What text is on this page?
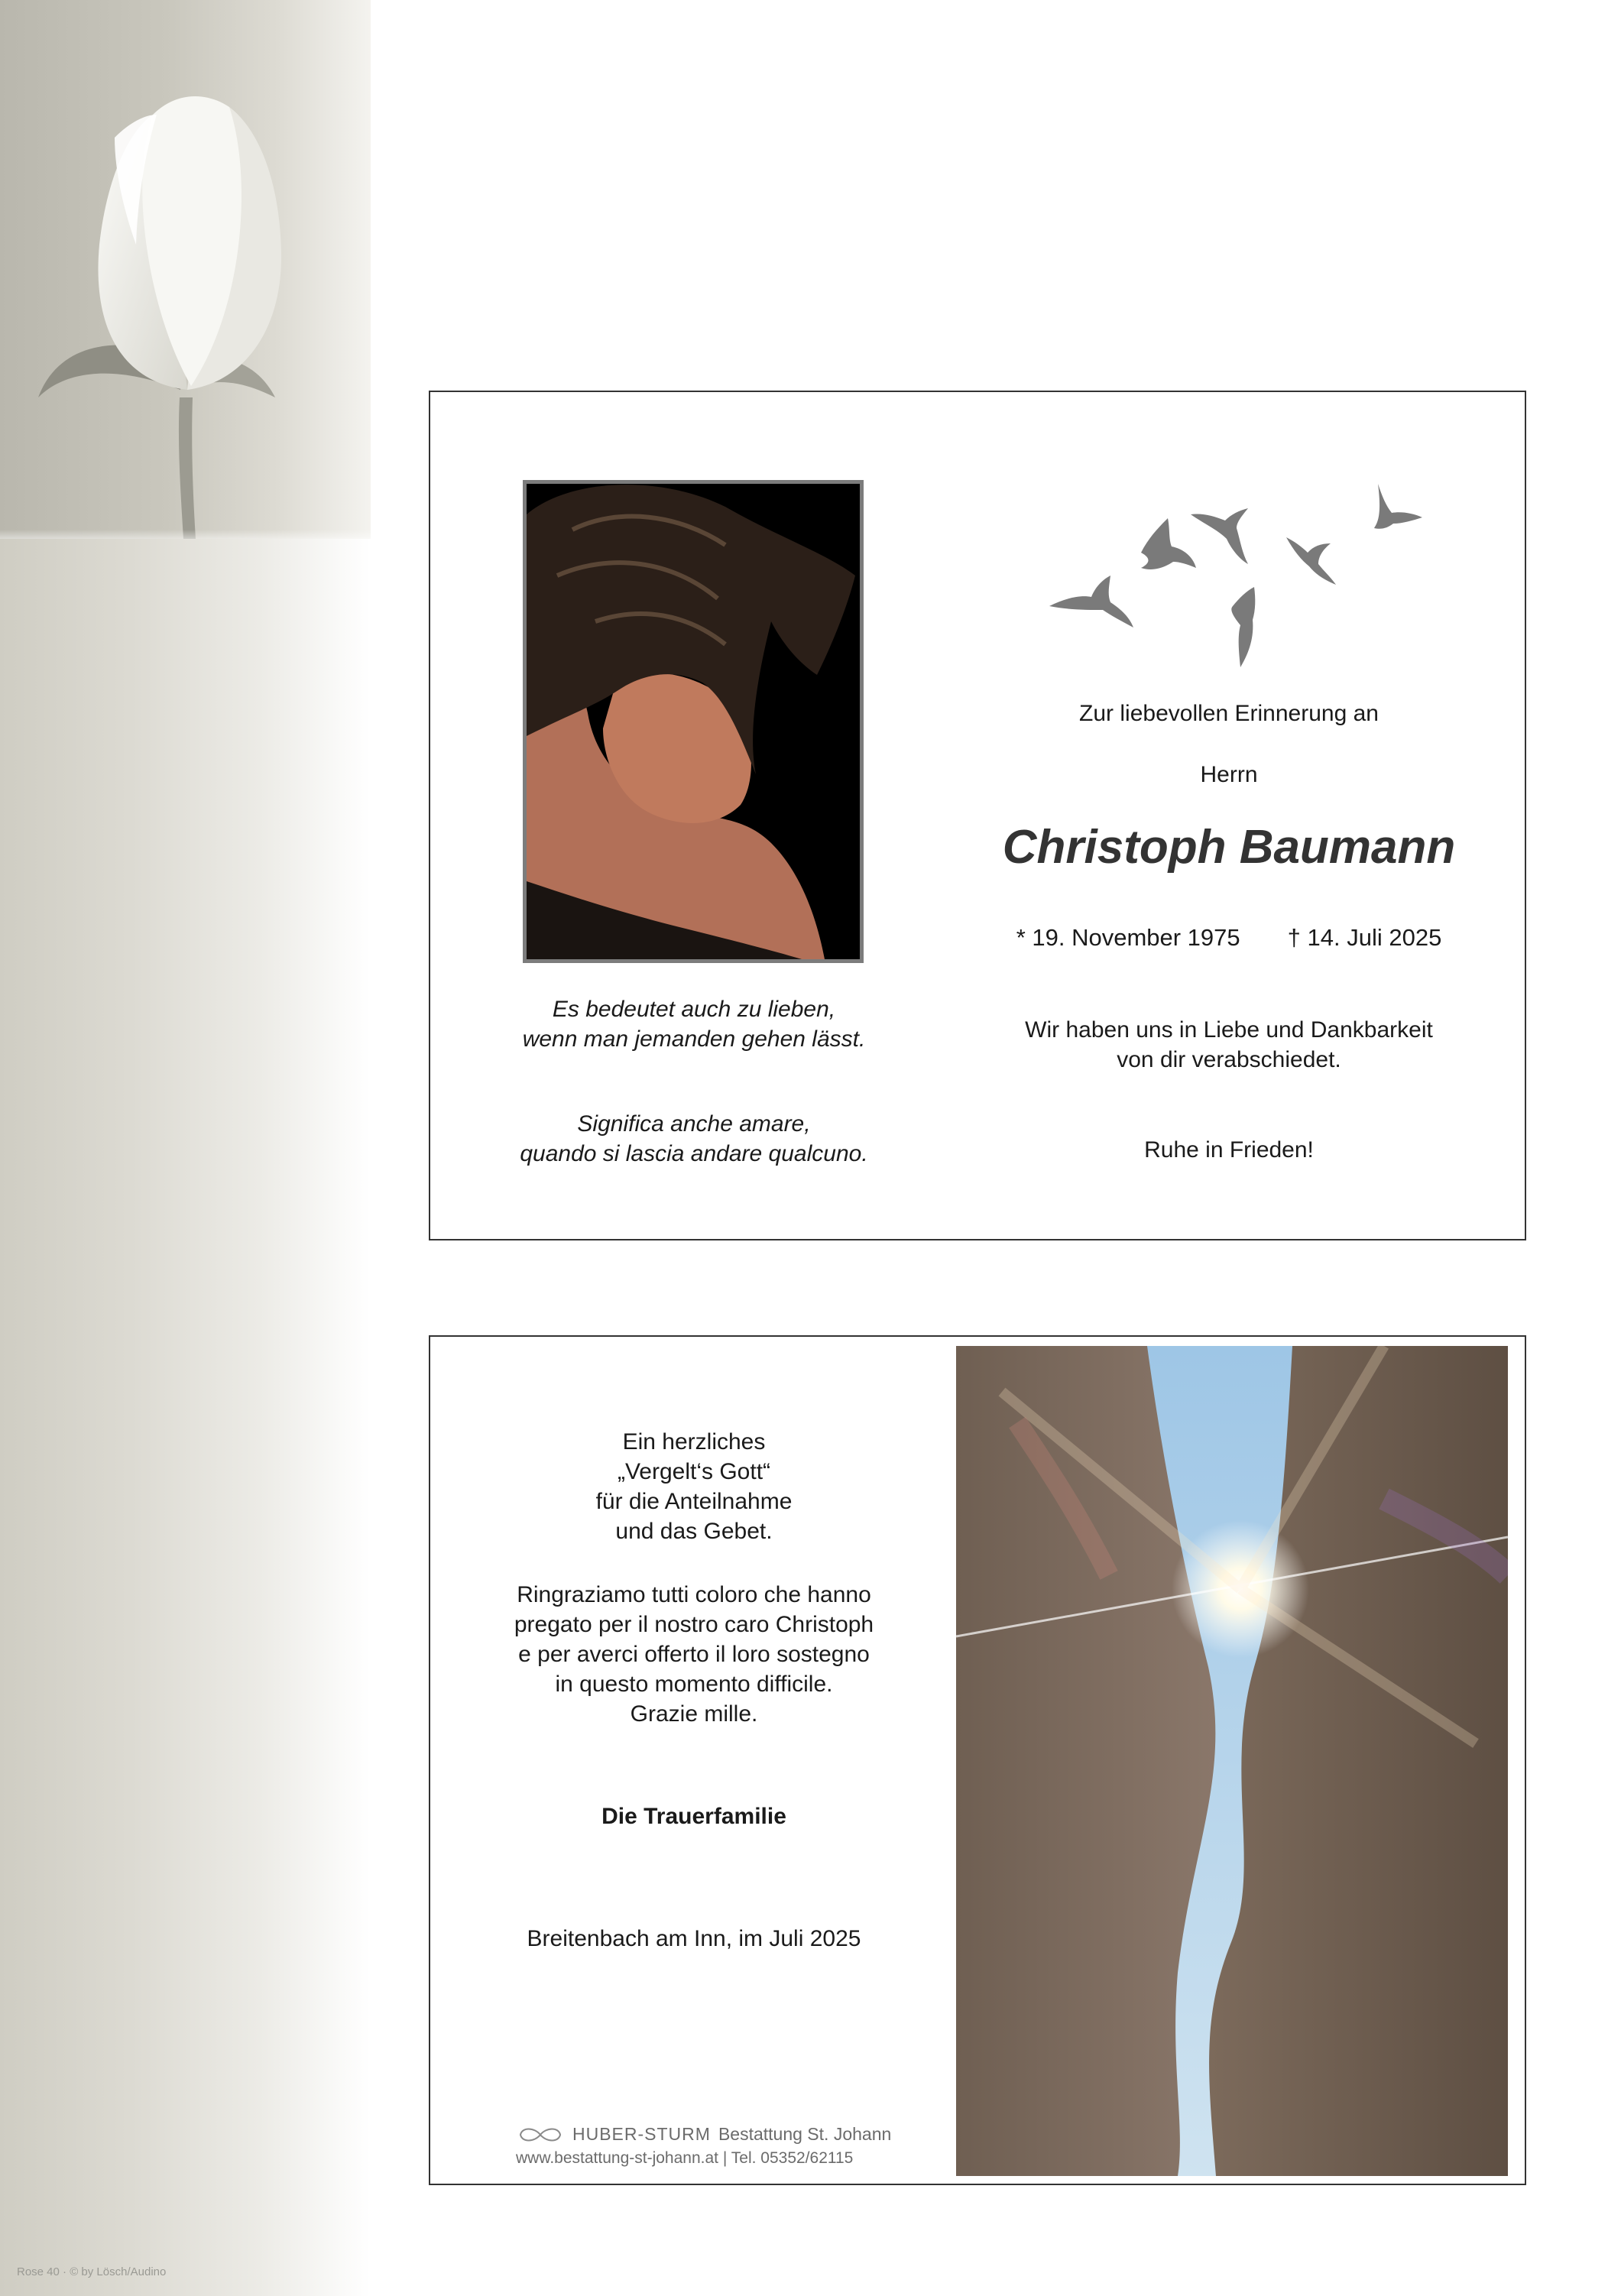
Rose 40 · © by Lösch/Audino
Es bedeutet auch zu lieben,
wenn man jemanden gehen lässt.
Significa anche amare,
quando si lascia andare qualcuno.
Zur liebevollen Erinnerung an
Herrn
Christoph Baumann
* 19. November 1975 † 14. Juli 2025
Wir haben uns in Liebe und Dankbarkeit
von dir verabschiedet.
Ruhe in Frieden!
Ein herzliches
„Vergelt‘s Gott“
für die Anteilnahme
und das Gebet.
Ringraziamo tutti coloro che hanno
pregato per il nostro caro Christoph
e per averci offerto il loro sostegno
in questo momento difficile.
Grazie mille.
Die Trauerfamilie
Breitenbach am Inn, im Juli 2025
HUBER-STURM Bestattung St. Johann
www.bestattung-st-johann.at | Tel. 05352/62115
